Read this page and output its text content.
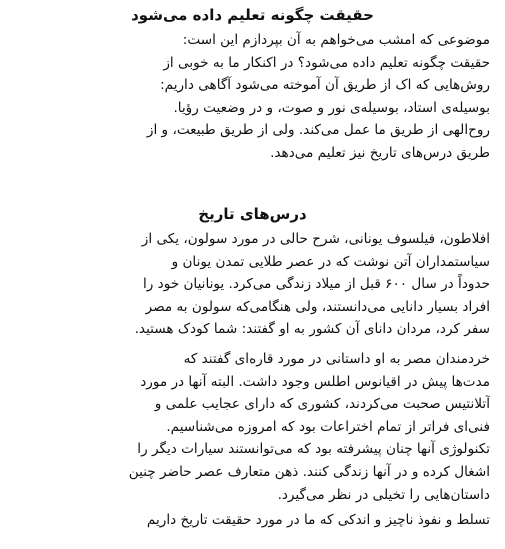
حقیقت چگونه تعلیم داده می‌شود
موضوعی که امشب می‌خواهم به آن بپردازم این است:
حقیقت چگونه تعلیم داده می‌شود؟ در اکنکار ما به خوبی از
روش‌هایی که اک از طریق آن آموخته می‌شود آگاهی داریم:
بوسیله‌ی استاد، بوسیله‌ی نور و صوت، و در وضعیت رؤیا.
روح‌الهی از طریق ما عمل می‌کند. ولی از طریق طبیعت، و از
طریق درس‌های تاریخ نیز تعلیم می‌دهد.
درس‌های تاریخ
افلاطون، فیلسوف یونانی، شرح حالی در مورد سولون، یکی از
سیاستمداران آتن نوشت که در عصر طلایی تمدن یونان و
حدوداً در سال ۶۰۰ قبل از میلاد زندگی می‌کرد. یونانیان خود را
افراد بسیار دانایی می‌دانستند، ولی هنگامی‌که سولون به مصر
سفر کرد، مردان دانای آن کشور به او گفتند: شما کودک هستید.
خردمندان مصر به او داستانی در مورد قاره‌ای گفتند که
مدت‌ها پیش در اقیانوس اطلس وجود داشت. البته آنها در مورد
آتلانتیس صحبت می‌کردند، کشوری که دارای عجایب علمی و
فنی‌ای فراتر از تمام اختراعات بود که امروزه می‌شناسیم.
تکنولوژی آنها چنان پیشرفته بود که می‌توانستند سیارات دیگر را
اشغال کرده و در آنها زندگی کنند. ذهن متعارف عصر حاضر چنین
داستان‌هایی را تخیلی در نظر می‌گیرد.
تسلط و نفوذ ناچیز و اندکی که ما در مورد حقیقت تاریخ داریم
